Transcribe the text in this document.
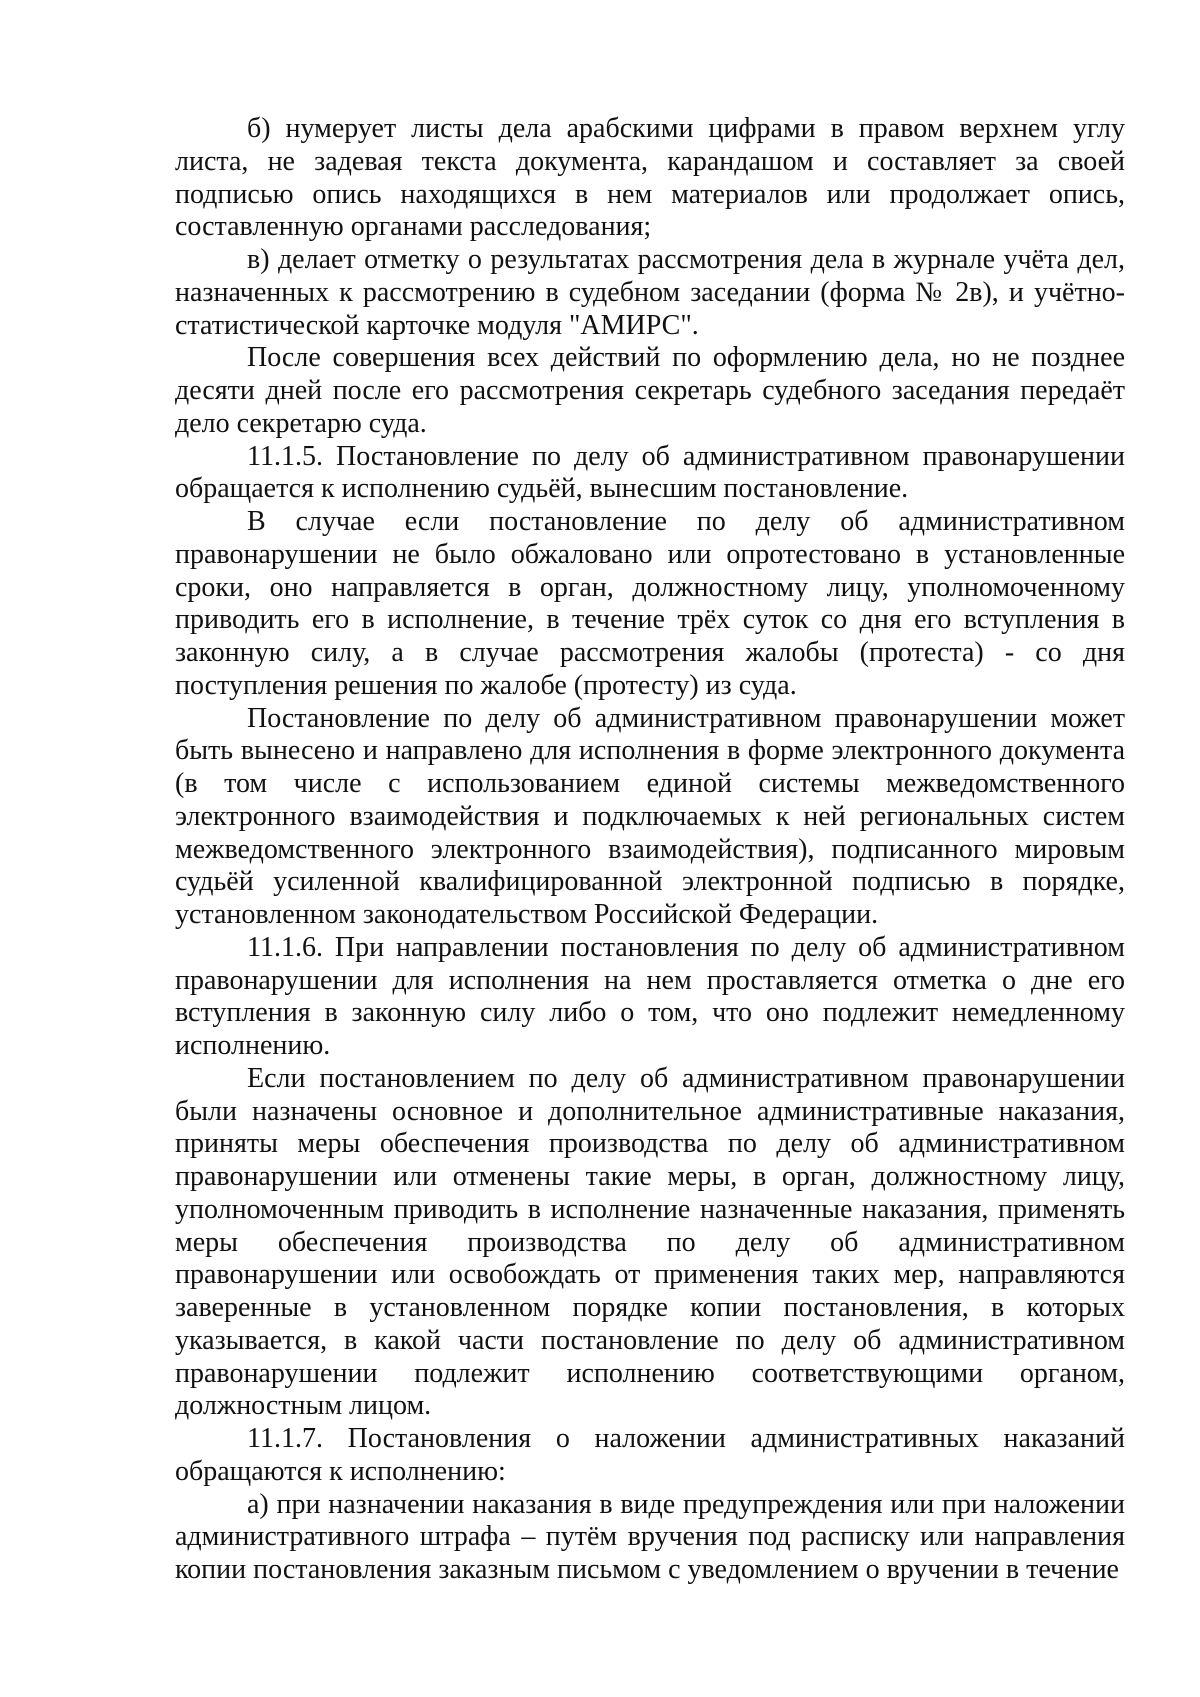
б) нумерует листы дела арабскими цифрами в правом верхнем углу листа, не задевая текста документа, карандашом и составляет за своей подписью опись находящихся в нем материалов или продолжает опись, составленную органами расследования;

в) делает отметку о результатах рассмотрения дела в журнале учёта дел, назначенных к рассмотрению в судебном заседании (форма № 2в), и учётно-статистической карточке модуля "АМИРС".

После совершения всех действий по оформлению дела, но не позднее десяти дней после его рассмотрения секретарь судебного заседания передаёт дело секретарю суда.

11.1.5. Постановление по делу об административном правонарушении обращается к исполнению судьёй, вынесшим постановление.

В случае если постановление по делу об административном правонарушении не было обжаловано или опротестовано в установленные сроки, оно направляется в орган, должностному лицу, уполномоченному приводить его в исполнение, в течение трёх суток со дня его вступления в законную силу, а в случае рассмотрения жалобы (протеста) - со дня поступления решения по жалобе (протесту) из суда.

Постановление по делу об административном правонарушении может быть вынесено и направлено для исполнения в форме электронного документа (в том числе с использованием единой системы межведомственного электронного взаимодействия и подключаемых к ней региональных систем межведомственного электронного взаимодействия), подписанного мировым судьёй усиленной квалифицированной электронной подписью в порядке, установленном законодательством Российской Федерации.

11.1.6. При направлении постановления по делу об административном правонарушении для исполнения на нем проставляется отметка о дне его вступления в законную силу либо о том, что оно подлежит немедленному исполнению.

Если постановлением по делу об административном правонарушении были назначены основное и дополнительное административные наказания, приняты меры обеспечения производства по делу об административном правонарушении или отменены такие меры, в орган, должностному лицу, уполномоченным приводить в исполнение назначенные наказания, применять меры обеспечения производства по делу об административном правонарушении или освобождать от применения таких мер, направляются заверенные в установленном порядке копии постановления, в которых указывается, в какой части постановление по делу об административном правонарушении подлежит исполнению соответствующими органом, должностным лицом.

11.1.7. Постановления о наложении административных наказаний обращаются к исполнению:

а) при назначении наказания в виде предупреждения или при наложении административного штрафа – путём вручения под расписку или направления копии постановления заказным письмом с уведомлением о вручении в течение
